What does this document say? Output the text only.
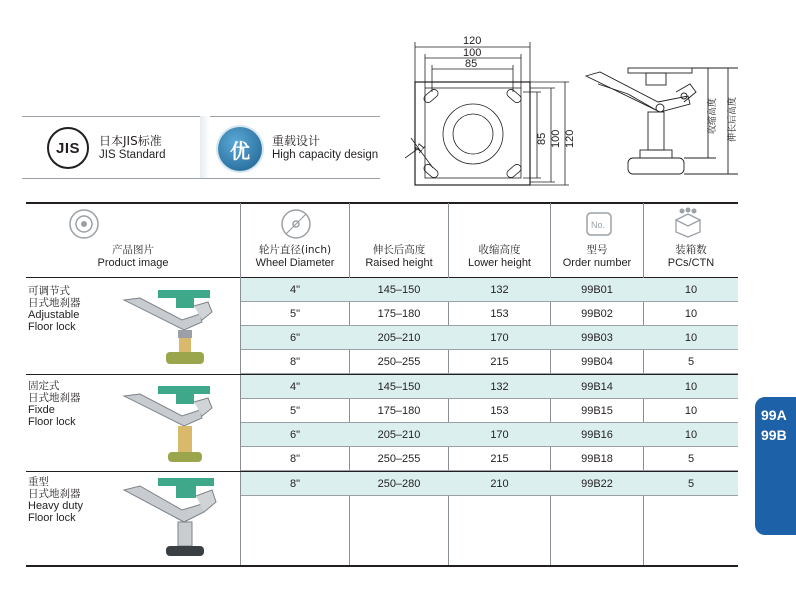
120
100
85
11
85 100 120
收缩高度 伸长后高度
JIS 日本JIS标准
JIS Standard	优 重载设计
High capacity design
No.
产品图片
Product image
轮片直径(inch)
Wheel Diameter
伸长后高度
Raised height
收缩高度
Lower height
型号
Order number
装箱数
PCs/CTN
可调节式
日式地刹器
Adjustable
Floor lock
固定式
日式地刹器
Fixde
Floor lock
重型
日式地刹器
Heavy duty
Floor lock
4"	145–150	132	99B01	10
5"	175–180	153	99B02	10
6"	205–210	170	99B03	10
8"	250–255	215	99B04	5
4"	145–150	132	99B14	10
5"	175–180	153	99B15	10
6"	205–210	170	99B16	10
8"	250–255	215	99B18	5
8"	250–280	210	99B22	5
99A
99B
